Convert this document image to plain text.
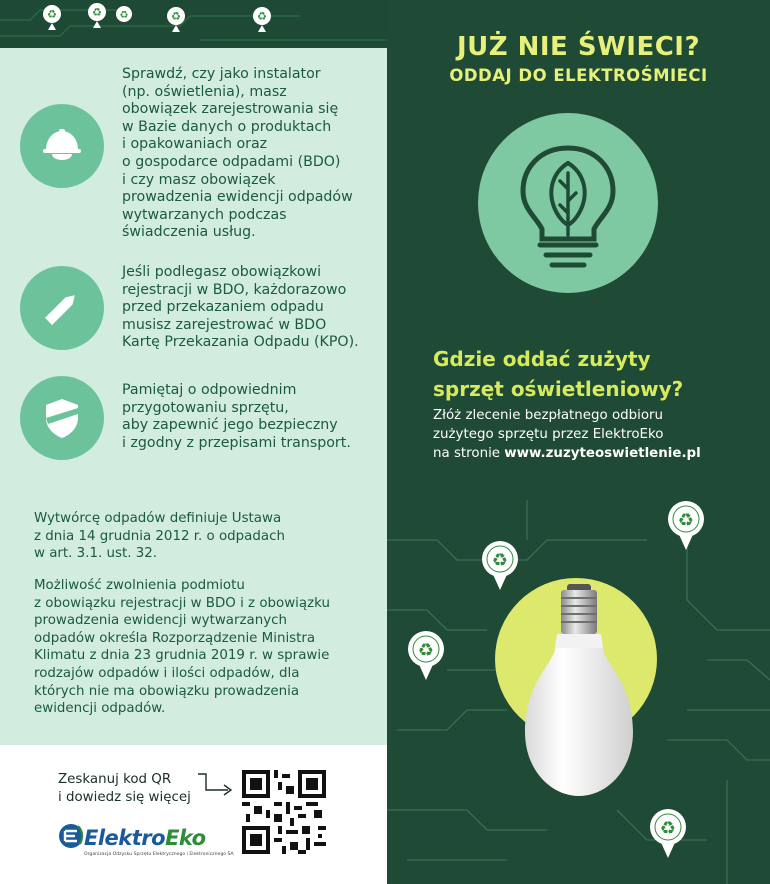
♻	♻ ♻	♻	♻
Sprawdź, czy jako instalator
(np. oświetlenia), masz
obowiązek zarejestrowania się
w Bazie danych o produktach
i opakowaniach oraz
o gospodarce odpadami (BDO)
i czy masz obowiązek
prowadzenia ewidencji odpadów
wytwarzanych podczas
świadczenia usług.
Jeśli podlegasz obowiązkowi
rejestracji w BDO, każdorazowo
przed przekazaniem odpadu
musisz zarejestrować w BDO
Kartę Przekazania Odpadu (KPO).
Pamiętaj o odpowiednim
przygotowaniu sprzętu,
aby zapewnić jego bezpieczny
i zgodny z przepisami transport.
Wytwórcę odpadów definiuje Ustawa
z dnia 14 grudnia 2012 r. o odpadach
w art. 3.1. ust. 32.
Możliwość zwolnienia podmiotu
z obowiązku rejestracji w BDO i z obowiązku
prowadzenia ewidencji wytwarzanych
odpadów określa Rozporządzenie Ministra
Klimatu z dnia 23 grudnia 2019 r. w sprawie
rodzajów odpadów i ilości odpadów, dla
których nie ma obowiązku prowadzenia
ewidencji odpadów.
Zeskanuj kod QR
i dowiedz się więcej
ElektroEko
Organizacja Odzysku Sprzętu Elektrycznego i Elektronicznego SA
JUŻ NIE ŚWIECI?
ODDAJ DO ELEKTROŚMIECI
Gdzie oddać zużyty
sprzęt oświetleniowy?
Złóż zlecenie bezpłatnego odbioru
zużytego sprzętu przez ElektroEko
na stronie www.zuzyteoswietlenie.pl
♻
♻
♻
♻
